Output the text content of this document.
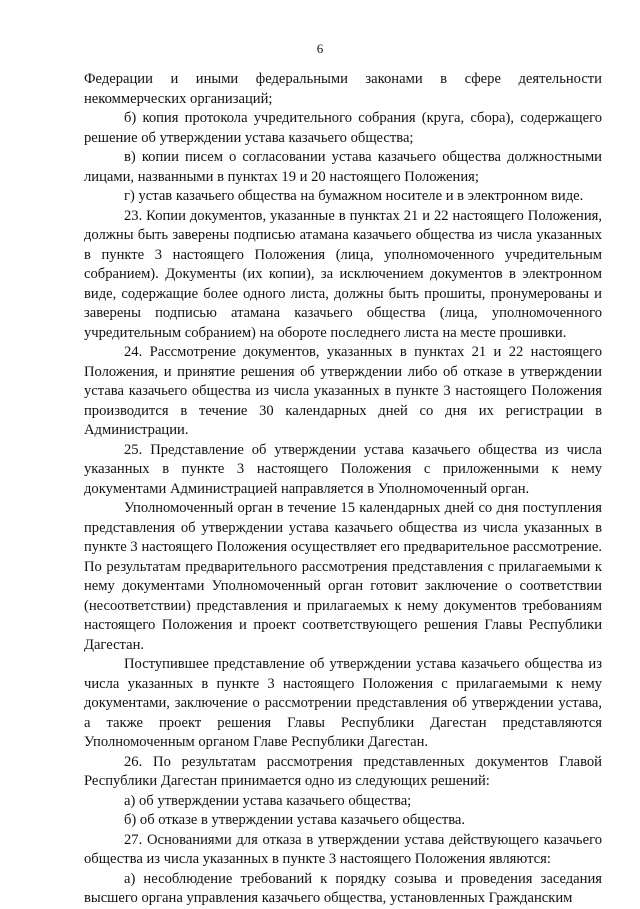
6

Федерации и иными федеральными законами в сфере деятельности некоммерческих организаций;

б) копия протокола учредительного собрания (круга, сбора), содержащего решение об утверждении устава казачьего общества;

в) копии писем о согласовании устава казачьего общества должностными лицами, названными в пунктах 19 и 20 настоящего Положения;

г) устав казачьего общества на бумажном носителе и в электронном виде.

23. Копии документов, указанные в пунктах 21 и 22 настоящего Положения, должны быть заверены подписью атамана казачьего общества из числа указанных в пункте 3 настоящего Положения (лица, уполномоченного учредительным собранием). Документы (их копии), за исключением документов в электронном виде, содержащие более одного листа, должны быть прошиты, пронумерованы и заверены подписью атамана казачьего общества (лица, уполномоченного учредительным собранием) на обороте последнего листа на месте прошивки.

24. Рассмотрение документов, указанных в пунктах 21 и 22 настоящего Положения, и принятие решения об утверждении либо об отказе в утверждении устава казачьего общества из числа указанных в пункте 3 настоящего Положения производится в течение 30 календарных дней со дня их регистрации в Администрации.

25. Представление об утверждении устава казачьего общества из числа указанных в пункте 3 настоящего Положения с приложенными к нему документами Администрацией направляется в Уполномоченный орган.

Уполномоченный орган в течение 15 календарных дней со дня поступления представления об утверждении устава казачьего общества из числа указанных в пункте 3 настоящего Положения осуществляет его предварительное рассмотрение. По результатам предварительного рассмотрения представления с прилагаемыми к нему документами Уполномоченный орган готовит заключение о соответствии (несоответствии) представления и прилагаемых к нему документов требованиям настоящего Положения и проект соответствующего решения Главы Республики Дагестан.

Поступившее представление об утверждении устава казачьего общества из числа указанных в пункте 3 настоящего Положения с прилагаемыми к нему документами, заключение о рассмотрении представления об утверждении устава, а также проект решения Главы Республики Дагестан представляются Уполномоченным органом Главе Республики Дагестан.

26. По результатам рассмотрения представленных документов Главой Республики Дагестан принимается одно из следующих решений:

а) об утверждении устава казачьего общества;

б) об отказе в утверждении устава казачьего общества.

27. Основаниями для отказа в утверждении устава действующего казачьего общества из числа указанных в пункте 3 настоящего Положения являются:

а) несоблюдение требований к порядку созыва и проведения заседания высшего органа управления казачьего общества, установленных Гражданским
